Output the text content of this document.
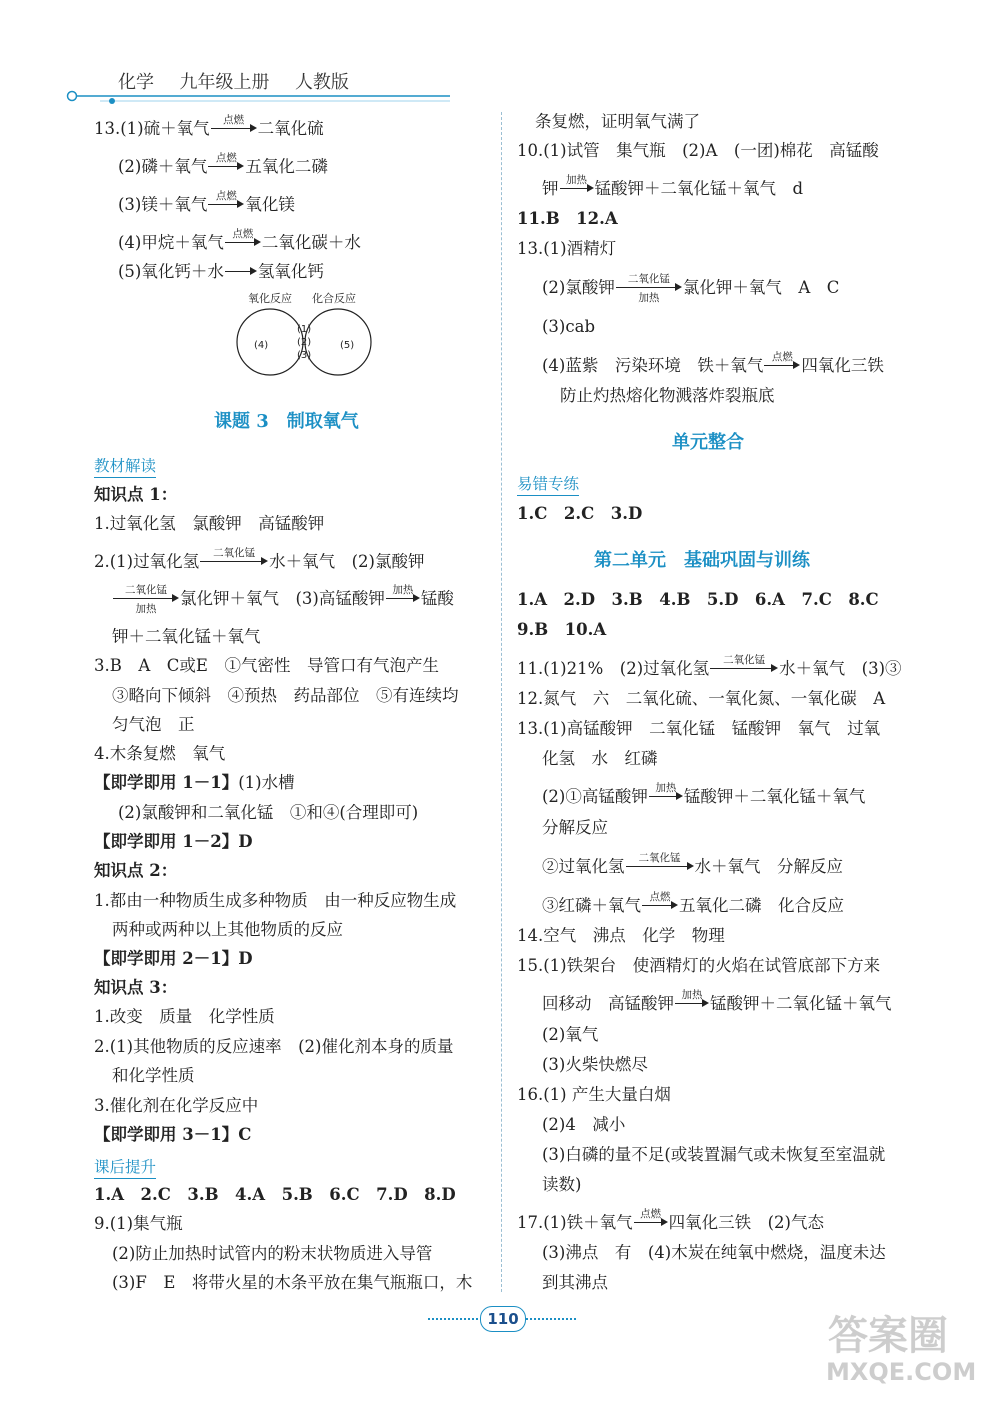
化学 九年级上册 人教版
13.(1)硫＋氧气	点燃 二氧化硫
(2)磷＋氧气 点燃 五氧化二磷
(3)镁＋氧气 点燃 氧化镁
(4)甲烷＋氧气 点燃 二氧化碳＋水
(5)氧化钙＋水 氢氧化钙
氧化反应 化合反应
(4)	(5)
(1)
(2)
(3)
课题 3　制取氧气
教材解读
知识点 1：
1.过氧化氢　氯酸钾　高锰酸钾
2.(1)过氧化氢	二氧化锰 水＋氧气　(2)氯酸钾
二氧化锰
加热
氯化钾＋氧气　(3)高锰酸钾 加热 锰酸
钾＋二氧化锰＋氧气
3.B　A　C或E　①气密性　导管口有气泡产生
③略向下倾斜　④预热　药品部位　⑤有连续均
匀气泡　正
4.木条复燃　氧气
【即学即用 1－1】(1)水槽
(2)氯酸钾和二氧化锰　①和④(合理即可)
【即学即用 1－2】D
知识点 2：
1.都由一种物质生成多种物质　由一种反应物生成
两种或两种以上其他物质的反应
【即学即用 2－1】D
知识点 3：
1.改变　质量　化学性质
2.(1)其他物质的反应速率　(2)催化剂本身的质量
和化学性质
3.催化剂在化学反应中
【即学即用 3－1】C
课后提升
1.A　2.C　3.B　4.A　5.B　6.C　7.D　8.D
9.(1)集气瓶
(2)防止加热时试管内的粉末状物质进入导管
(3)F　E　将带火星的木条平放在集气瓶瓶口，木
条复燃，证明氧气满了
10.(1)试管　集气瓶　(2)A　(一团)棉花　高锰酸
钾 加热 锰酸钾＋二氧化锰＋氧气　d
11.B　12.A
13.(1)酒精灯
(2)氯酸钾	二氧化锰
加热
氯化钾＋氧气　A　C
(3)cab
(4)蓝紫　污染环境　铁＋氧气 点燃 四氧化三铁
防止灼热熔化物溅落炸裂瓶底
单元整合
易错专练
1.C　2.C　3.D
第二单元　基础巩固与训练
1.A　2.D　3.B　4.B　5.D　6.A　7.C　8.C
9.B　10.A
11.(1)21%　(2)过氧化氢	二氧化锰 水＋氧气　(3)③
12.氮气　六　二氧化硫、一氧化氮、一氧化碳　A
13.(1)高锰酸钾　二氧化锰　锰酸钾　氧气　过氧
化氢　水　红磷
(2)①高锰酸钾 加热 锰酸钾＋二氧化锰＋氧气
分解反应
②过氧化氢	二氧化锰 水＋氧气　分解反应
③红磷＋氧气 点燃 五氧化二磷　化合反应
14.空气　沸点　化学　物理
15.(1)铁架台　使酒精灯的火焰在试管底部下方来
回移动　高锰酸钾 加热 锰酸钾＋二氧化锰＋氧气
(2)氧气
(3)火柴快燃尽
16.(1) 产生大量白烟
(2)4　减小
(3)白磷的量不足(或装置漏气或未恢复至室温就
读数)
17.(1)铁＋氧气 点燃 四氧化三铁　(2)气态
(3)沸点　有　(4)木炭在纯氧中燃烧，温度未达
到其沸点
110	答案圈
MXQE.COM
